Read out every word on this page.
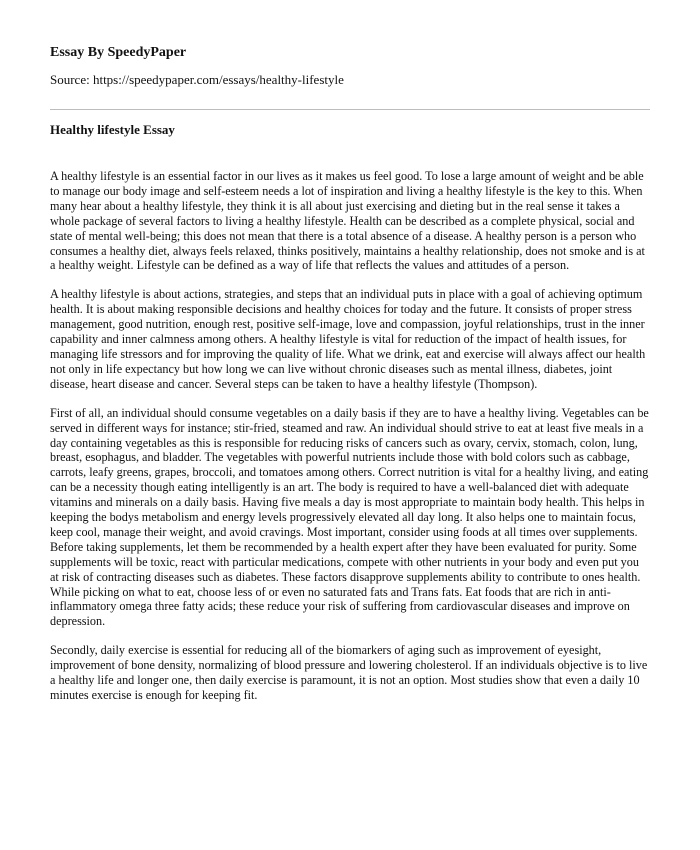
Essay By SpeedyPaper
Source: https://speedypaper.com/essays/healthy-lifestyle
Healthy lifestyle Essay

A healthy lifestyle is an essential factor in our lives as it makes us feel good. To lose a large amount of weight and be able to manage our body image and self-esteem needs a lot of inspiration and living a healthy lifestyle is the key to this. When many hear about a healthy lifestyle, they think it is all about just exercising and dieting but in the real sense it takes a whole package of several factors to living a healthy lifestyle. Health can be described as a complete physical, social and state of mental well-being; this does not mean that there is a total absence of a disease. A healthy person is a person who consumes a healthy diet, always feels relaxed, thinks positively, maintains a healthy relationship, does not smoke and is at a healthy weight. Lifestyle can be defined as a way of life that reflects the values and attitudes of a person.

A healthy lifestyle is about actions, strategies, and steps that an individual puts in place with a goal of achieving optimum health. It is about making responsible decisions and healthy choices for today and the future. It consists of proper stress management, good nutrition, enough rest, positive self-image, love and compassion, joyful relationships, trust in the inner capability and inner calmness among others. A healthy lifestyle is vital for reduction of the impact of health issues, for managing life stressors and for improving the quality of life. What we drink, eat and exercise will always affect our health not only in life expectancy but how long we can live without chronic diseases such as mental illness, diabetes, joint disease, heart disease and cancer. Several steps can be taken to have a healthy lifestyle (Thompson).

First of all, an individual should consume vegetables on a daily basis if they are to have a healthy living. Vegetables can be served in different ways for instance; stir-fried, steamed and raw. An individual should strive to eat at least five meals in a day containing vegetables as this is responsible for reducing risks of cancers such as ovary, cervix, stomach, colon, lung, breast, esophagus, and bladder. The vegetables with powerful nutrients include those with bold colors such as cabbage, carrots, leafy greens, grapes, broccoli, and tomatoes among others. Correct nutrition is vital for a healthy living, and eating can be a necessity though eating intelligently is an art. The body is required to have a well-balanced diet with adequate vitamins and minerals on a daily basis. Having five meals a day is most appropriate to maintain body health. This helps in keeping the bodys metabolism and energy levels progressively elevated all day long. It also helps one to maintain focus, keep cool, manage their weight, and avoid cravings. Most important, consider using foods at all times over supplements. Before taking supplements, let them be recommended by a health expert after they have been evaluated for purity. Some supplements will be toxic, react with particular medications, compete with other nutrients in your body and even put you at risk of contracting diseases such as diabetes. These factors disapprove supplements ability to contribute to ones health. While picking on what to eat, choose less of or even no saturated fats and Trans fats. Eat foods that are rich in anti-inflammatory omega three fatty acids; these reduce your risk of suffering from cardiovascular diseases and improve on depression.

Secondly, daily exercise is essential for reducing all of the biomarkers of aging such as improvement of eyesight, improvement of bone density, normalizing of blood pressure and lowering cholesterol. If an individuals objective is to live a healthy life and longer one, then daily exercise is paramount, it is not an option. Most studies show that even a daily 10 minutes exercise is enough for keeping fit.
